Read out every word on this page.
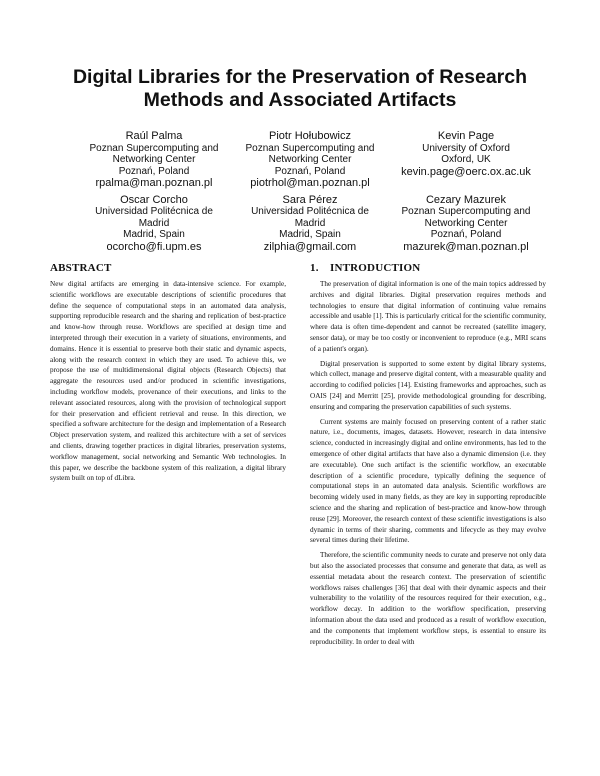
Digital Libraries for the Preservation of Research Methods and Associated Artifacts
Raúl Palma
Poznan Supercomputing and
Networking Center
Poznań, Poland
rpalma@man.poznan.pl
Piotr Hołubowicz
Poznan Supercomputing and
Networking Center
Poznań, Poland
piotrhol@man.poznan.pl
Kevin Page
University of Oxford
Oxford, UK
kevin.page@oerc.ox.ac.uk
Oscar Corcho
Universidad Politécnica de
Madrid
Madrid, Spain
ocorcho@fi.upm.es
Sara Pérez
Universidad Politécnica de
Madrid
Madrid, Spain
zilphia@gmail.com
Cezary Mazurek
Poznan Supercomputing and
Networking Center
Poznań, Poland
mazurek@man.poznan.pl
ABSTRACT

New digital artifacts are emerging in data-intensive science. For example, scientific workflows are executable descriptions of scientific procedures that define the sequence of computational steps in an automated data analysis, supporting reproducible research and the sharing and replication of best-practice and know-how through reuse. Workflows are specified at design time and interpreted through their execution in a variety of situations, environments, and domains. Hence it is essential to preserve both their static and dynamic aspects, along with the research context in which they are used. To achieve this, we propose the use of multidimensional digital objects (Research Objects) that aggregate the resources used and/or produced in scientific investigations, including workflow models, provenance of their executions, and links to the relevant associated resources, along with the provision of technological support for their preservation and efficient retrieval and reuse. In this direction, we specified a software architecture for the design and implementation of a Research Object preservation system, and realized this architecture with a set of services and clients, drawing together practices in digital libraries, preservation systems, workflow management, social networking and Semantic Web technologies. In this paper, we describe the backbone system of this realization, a digital library system built on top of dLibra.

1. INTRODUCTION

The preservation of digital information is one of the main topics addressed by archives and digital libraries. Digital preservation requires methods and technologies to ensure that digital information of continuing value remains accessible and usable [1]. This is particularly critical for the scientific community, where data is often time-dependent and cannot be recreated (satellite imagery, sensor data), or may be too costly or inconvenient to reproduce (e.g., MRI scans of a patient's organ).

Digital preservation is supported to some extent by digital library systems, which collect, manage and preserve digital content, with a measurable quality and according to codified policies [14]. Existing frameworks and approaches, such as OAIS [24] and Merritt [25], provide methodological grounding for describing, ensuring and comparing the preservation capabilities of such systems.

Current systems are mainly focused on preserving content of a rather static nature, i.e., documents, images, datasets. However, research in data intensive science, conducted in increasingly digital and online environments, has led to the emergence of other digital artifacts that have also a dynamic dimension (i.e. they are executable). One such artifact is the scientific workflow, an executable description of a scientific procedure, typically defining the sequence of computational steps in an automated data analysis. Scientific workflows are becoming widely used in many fields, as they are key in supporting reproducible science and the sharing and replication of best-practice and know-how through reuse [29]. Moreover, the research context of these scientific investigations is also dynamic in terms of their sharing, comments and lifecycle as they may evolve several times during their lifetime.

Therefore, the scientific community needs to curate and preserve not only data but also the associated processes that consume and generate that data, as well as essential metadata about the research context. The preservation of scientific workflows raises challenges [36] that deal with their dynamic aspects and their vulnerability to the volatility of the resources required for their execution, e.g., workflow decay. In addition to the workflow specification, preserving information about the data used and produced as a result of workflow execution, and the components that implement workflow steps, is essential to ensure its reproducibility. In order to deal with
